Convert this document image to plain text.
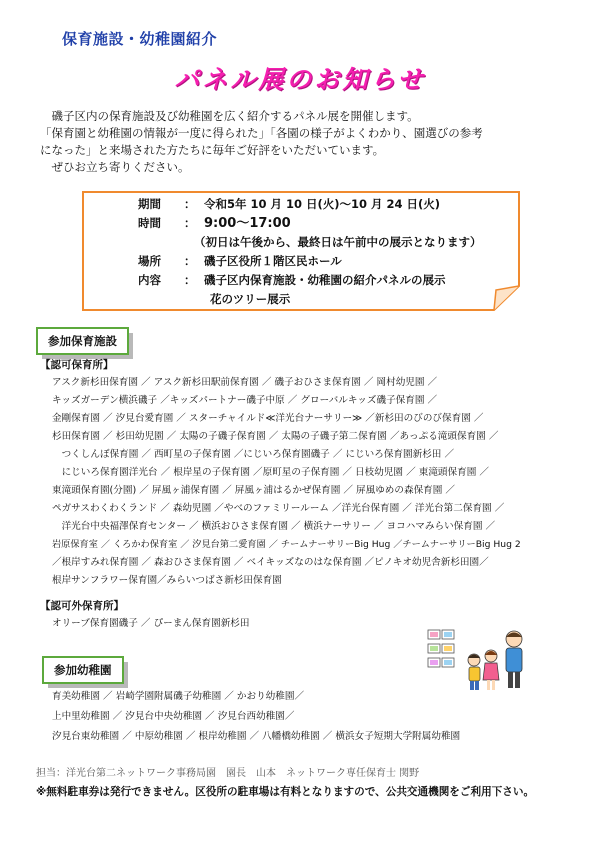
保育施設・幼稚園紹介
パネル展のお知らせ
　磯子区内の保育施設及び幼稚園を広く紹介するパネル展を開催します。
「保育園と幼稚園の情報が一度に得られた」「各園の様子がよくわかり、園選びの参考
になった」と来場された方たちに毎年ご好評をいただいています。
　ぜひお立ち寄りください。
期間	： 令和5年 10 月 10 日(火)～10 月 24 日(火)
時間	： 9:00～17:00
（初日は午後から、最終日は午前中の展示となります）
場所	： 磯子区役所１階区民ホール
内容	： 磯子区内保育施設・幼稚園の紹介パネルの展示
花のツリー展示
参加保育施設
【認可保育所】
アスク新杉田保育園 ／ アスク新杉田駅前保育園 ／ 磯子おひさま保育園 ／ 岡村幼児園 ／
キッズガーデン横浜磯子 ／キッズパートナー磯子中原 ／ グローバルキッズ磯子保育園 ／
金剛保育園 ／ 汐見台愛育園 ／ スターチャイルド≪洋光台ナーサリー≫ ／新杉田のびのび保育園 ／
杉田保育園 ／ 杉田幼児園 ／ 太陽の子磯子保育園 ／ 太陽の子磯子第二保育園 ／あっぷる滝頭保育園 ／
　つくしんぼ保育園 ／ 西町星の子保育園 ／にじいろ保育園磯子 ／ にじいろ保育園新杉田 ／
　にじいろ保育園洋光台 ／ 根岸星の子保育園 ／原町星の子保育園 ／ 日枝幼児園 ／ 東滝頭保育園 ／
東滝頭保育園(分園) ／ 屏風ヶ浦保育園 ／ 屏風ヶ浦はるかぜ保育園 ／ 屏風ゆめの森保育園 ／
ペガサスわくわくランド ／ 森幼児園 ／やべのファミリールーム ／洋光台保育園 ／ 洋光台第二保育園 ／
　洋光台中央福澤保育センター ／ 横浜おひさま保育園 ／ 横浜ナーサリー ／ ヨコハマみらい保育園 ／
岩原保育室 ／ くろかわ保育室 ／ 汐見台第二愛育園 ／ チームナーサリーBig Hug ／チームナーサリーBig Hug 2
／根岸すみれ保育園 ／ 森おひさま保育園 ／ ベイキッズなのはな保育園 ／ピノキオ幼児舎新杉田園／
根岸サンフラワー保育園／みらいつばさ新杉田保育園
【認可外保育所】
オリーブ保育園磯子 ／ ぴーまん保育園新杉田
参加幼稚園
育美幼稚園 ／ 岩崎学園附属磯子幼稚園 ／ かおり幼稚園／
上中里幼稚園 ／ 汐見台中央幼稚園 ／ 汐見台西幼稚園／
汐見台東幼稚園 ／ 中原幼稚園 ／ 根岸幼稚園 ／ 八幡橋幼稚園 ／ 横浜女子短期大学附属幼稚園
担当：洋光台第二ネットワーク事務局園　園長　山本　ネットワーク専任保育士 関野
※無料駐車券は発行できません。区役所の駐車場は有料となりますので、公共交通機関をご利用下さい。
